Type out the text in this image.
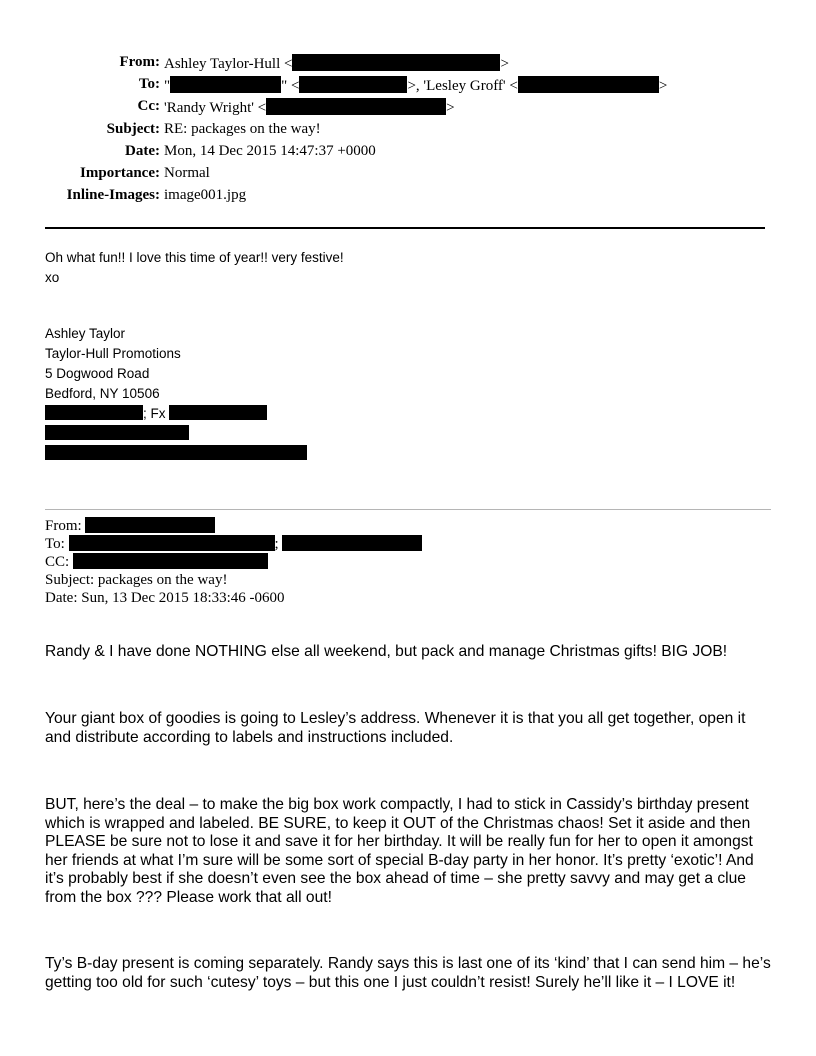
From: Ashley Taylor-Hull <	>
To: "	" <	>, 'Lesley Groff' <	>
Cc: 'Randy Wright' <	>
Subject: RE: packages on the way!
Date: Mon, 14 Dec 2015 14:47:37 +0000
Importance: Normal
Inline-Images: image001.jpg
Oh what fun!! I love this time of year!! very festive!
xo
Ashley Taylor
Taylor-Hull Promotions
5 Dogwood Road
Bedford, NY 10506
; Fx
From:
To:	;
CC:
Subject: packages on the way!
Date: Sun, 13 Dec 2015 18:33:46 -0600
Randy & I have done NOTHING else all weekend, but pack and manage Christmas gifts! BIG JOB!
Your giant box of goodies is going to Lesley’s address. Whenever it is that you all get together, open it and distribute according to labels and instructions included.
BUT, here’s the deal – to make the big box work compactly, I had to stick in Cassidy’s birthday present which is wrapped and labeled. BE SURE, to keep it OUT of the Christmas chaos! Set it aside and then PLEASE be sure not to lose it and save it for her birthday. It will be really fun for her to open it amongst her friends at what I’m sure will be some sort of special B-day party in her honor. It’s pretty ‘exotic’! And it’s probably best if she doesn’t even see the box ahead of time – she pretty savvy and may get a clue from the box ??? Please work that all out!
Ty’s B-day present is coming separately. Randy says this is last one of its ‘kind’ that I can send him – he’s getting too old for such ‘cutesy’ toys – but this one I just couldn’t resist! Surely he’ll like it – I LOVE it!
